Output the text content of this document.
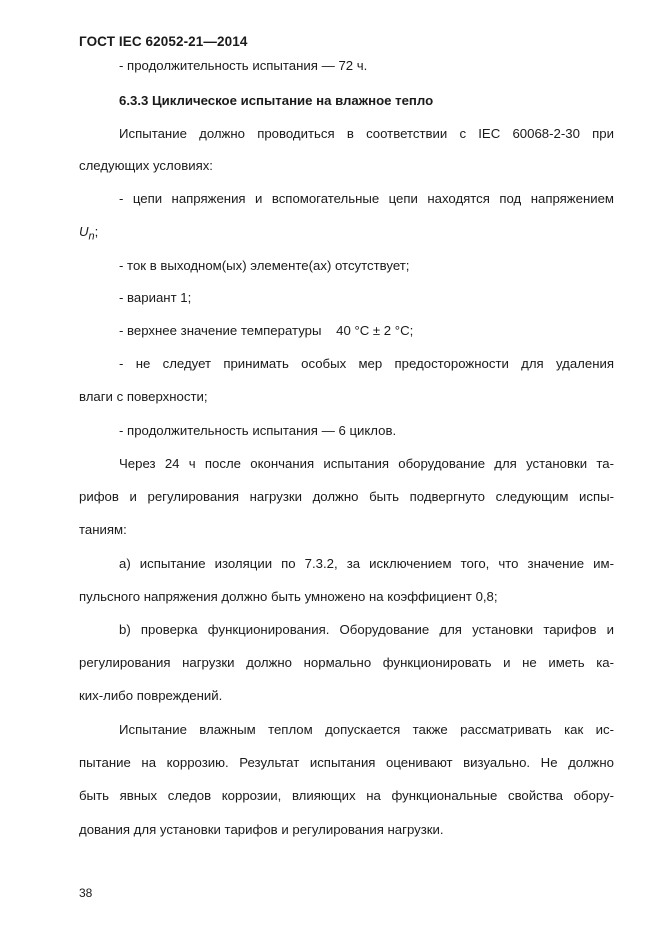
ГОСТ IEC 62052-21—2014
- продолжительность испытания — 72 ч.
6.3.3 Циклическое испытание на влажное тепло
Испытание должно проводиться в соответствии с IEC 60068-2-30 при
следующих условиях:
- цепи напряжения и вспомогательные цепи находятся под напряжением
$U_n$;
- ток в выходном(ых) элементе(ах) отсутствует;
- вариант 1;
- верхнее значение температуры    40 °С ± 2 °С;
- не следует принимать особых мер предосторожности для удаления
влаги с поверхности;
- продолжительность испытания — 6 циклов.
Через 24 ч после окончания испытания оборудование для установки та-
рифов и регулирования нагрузки должно быть подвергнуто следующим испы-
таниям:
а) испытание изоляции по 7.3.2, за исключением того, что значение им-
пульсного напряжения должно быть умножено на коэффициент 0,8;
b) проверка функционирования. Оборудование для установки тарифов и
регулирования нагрузки должно нормально функционировать и не иметь ка-
ких-либо повреждений.
Испытание влажным теплом допускается также рассматривать как ис-
пытание на коррозию. Результат испытания оценивают визуально. Не должно
быть явных следов коррозии, влияющих на функциональные свойства обору-
дования для установки тарифов и регулирования нагрузки.
38
